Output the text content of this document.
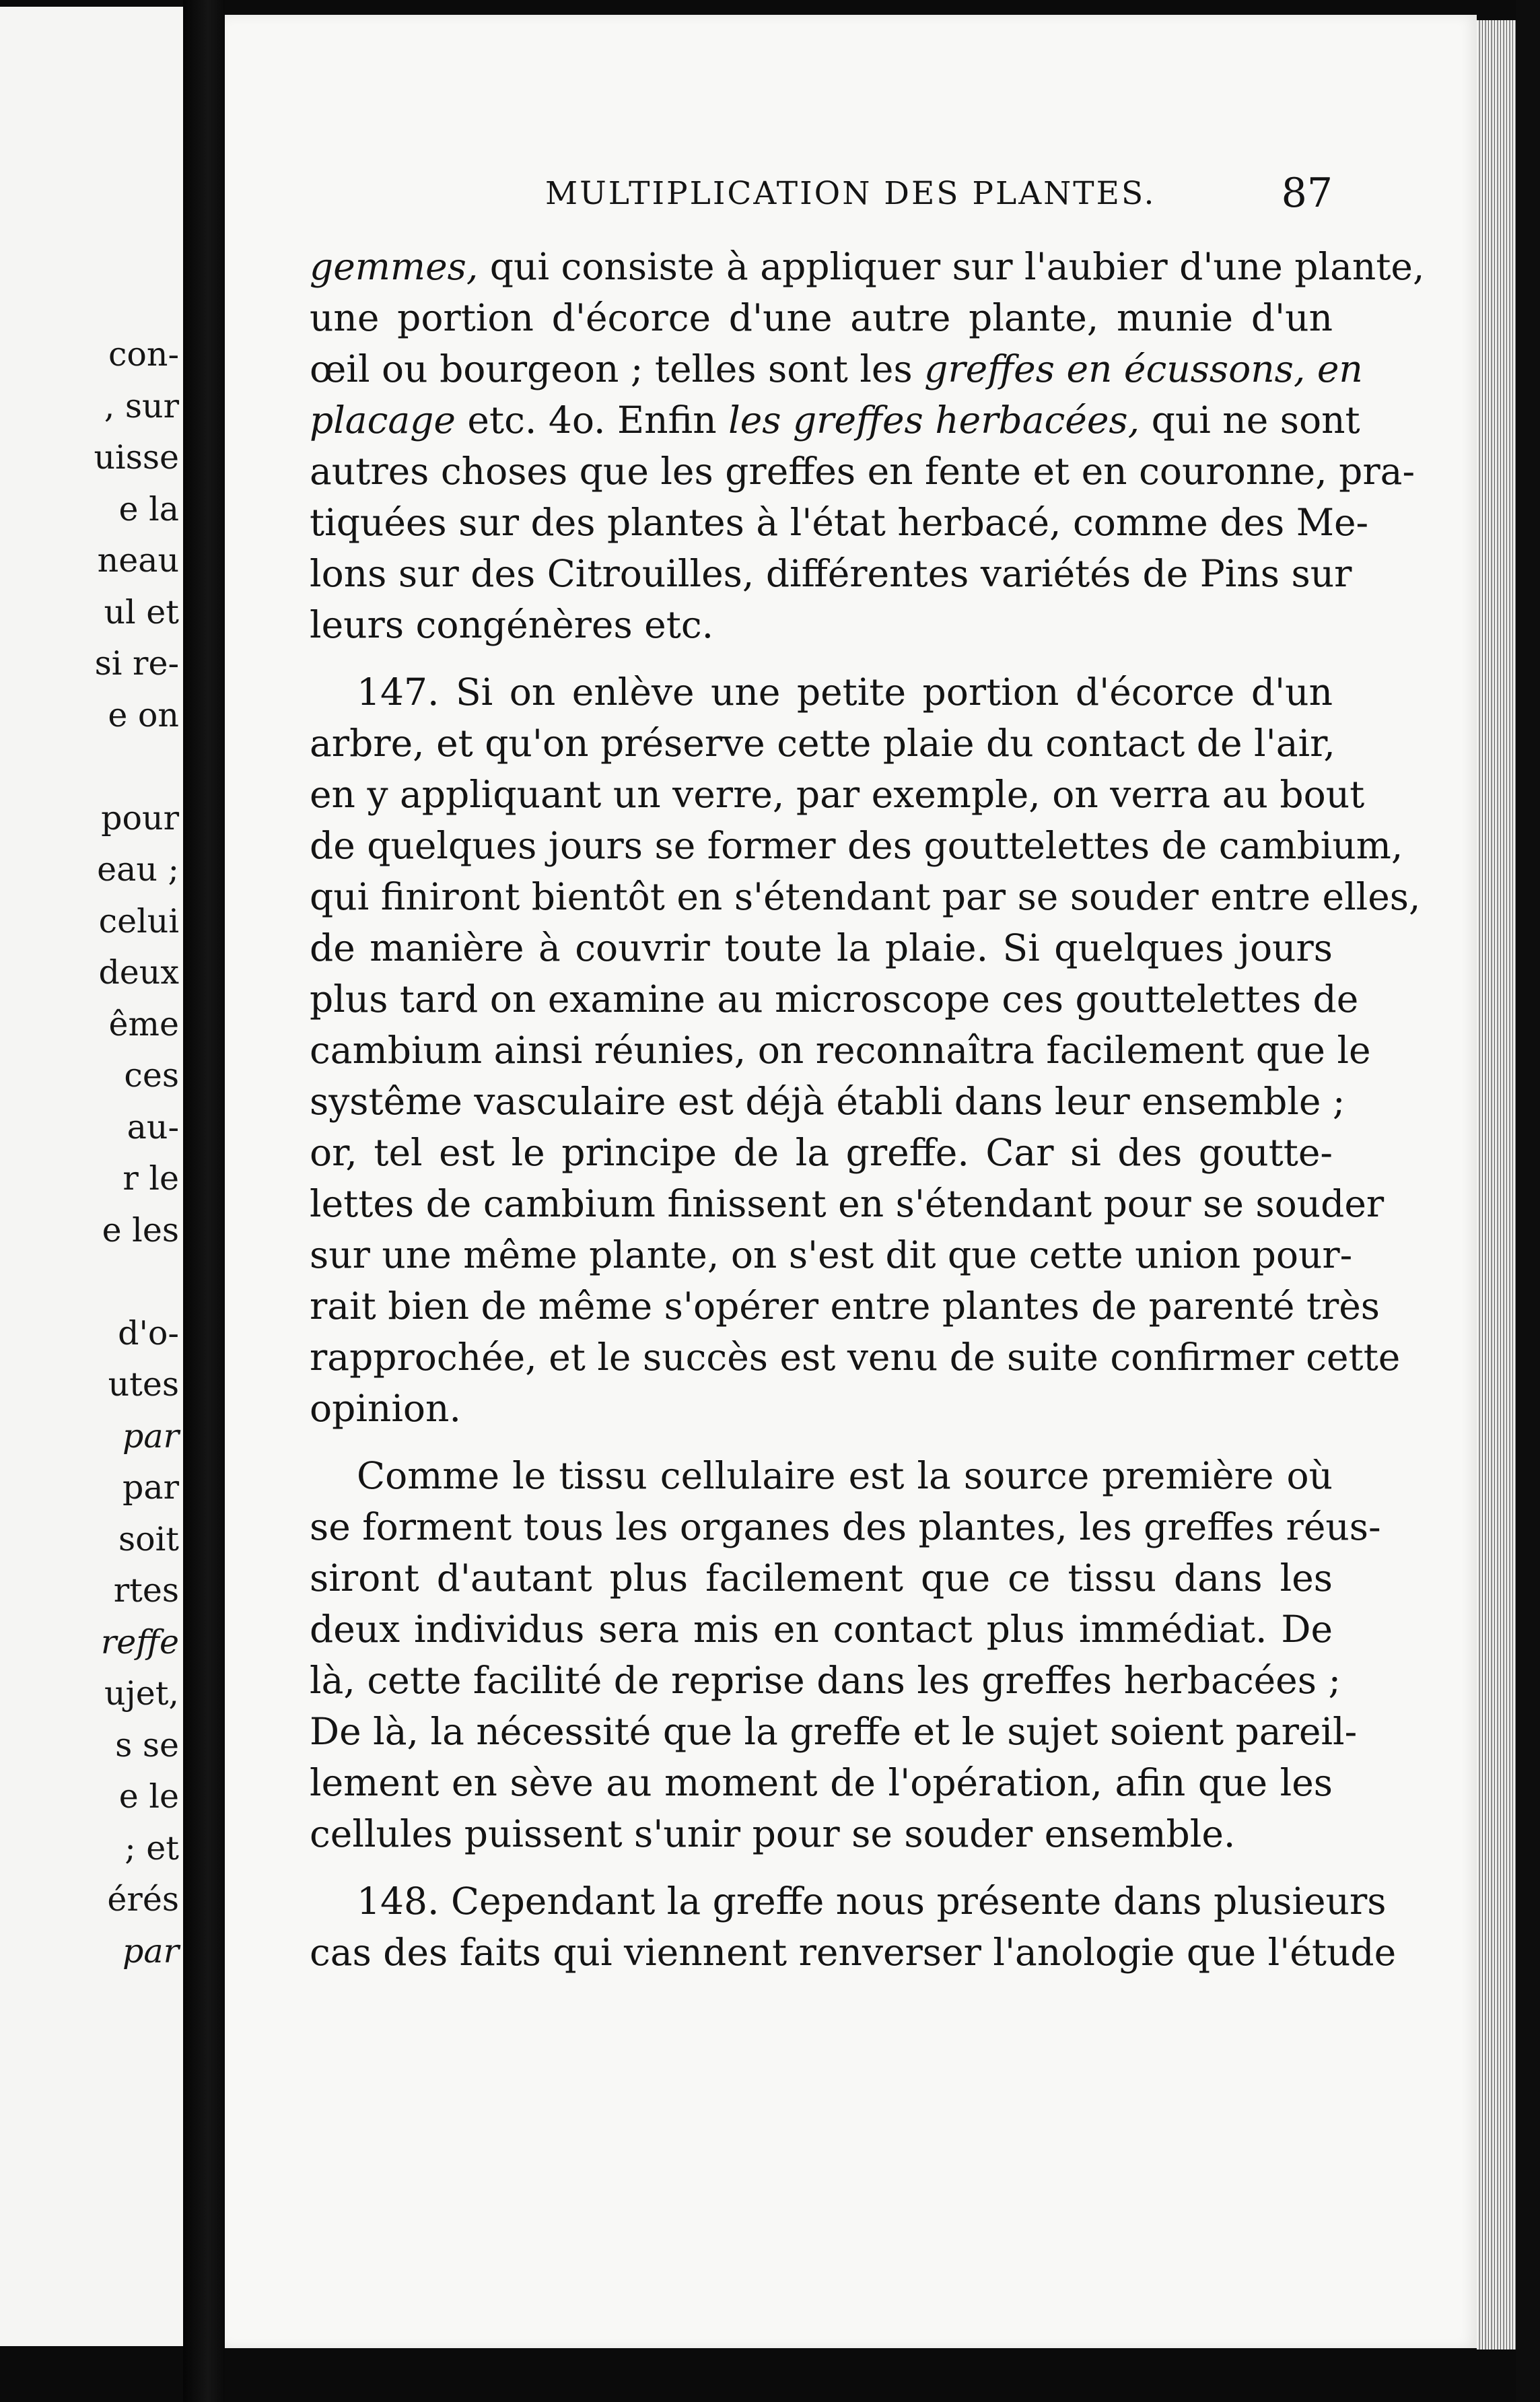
con-
, sur
uisse
e la
neau
ul et
si re-
e on
pour
eau ;
celui
deux
ême
ces
au-
r le
e les
d'o-
utes
par
par
soit
rtes
reffe
ujet,
s se
e le
; et
érés
par
MULTIPLICATION DES PLANTES.	87
gemmes, qui consiste à appliquer sur l'aubier d'une plante,
une portion d'écorce d'une autre plante, munie d'un
œil ou bourgeon ; telles sont les greffes en écussons, en
placage etc. 4o. Enfin les greffes herbacées, qui ne sont
autres choses que les greffes en fente et en couronne, pra-
tiquées sur des plantes à l'état herbacé, comme des Me-
lons sur des Citrouilles, différentes variétés de Pins sur
leurs congénères etc.
147. Si on enlève une petite portion d'écorce d'un
arbre, et qu'on préserve cette plaie du contact de l'air,
en y appliquant un verre, par exemple, on verra au bout
de quelques jours se former des gouttelettes de cambium,
qui finiront bientôt en s'étendant par se souder entre elles,
de manière à couvrir toute la plaie. Si quelques jours
plus tard on examine au microscope ces gouttelettes de
cambium ainsi réunies, on reconnaîtra facilement que le
systême vasculaire est déjà établi dans leur ensemble ;
or, tel est le principe de la greffe. Car si des goutte-
lettes de cambium finissent en s'étendant pour se souder
sur une même plante, on s'est dit que cette union pour-
rait bien de même s'opérer entre plantes de parenté très
rapprochée, et le succès est venu de suite confirmer cette
opinion.
Comme le tissu cellulaire est la source première où
se forment tous les organes des plantes, les greffes réus-
siront d'autant plus facilement que ce tissu dans les
deux individus sera mis en contact plus immédiat. De
là, cette facilité de reprise dans les greffes herbacées ;
De là, la nécessité que la greffe et le sujet soient pareil-
lement en sève au moment de l'opération, afin que les
cellules puissent s'unir pour se souder ensemble.
148. Cependant la greffe nous présente dans plusieurs
cas des faits qui viennent renverser l'anologie que l'étude
